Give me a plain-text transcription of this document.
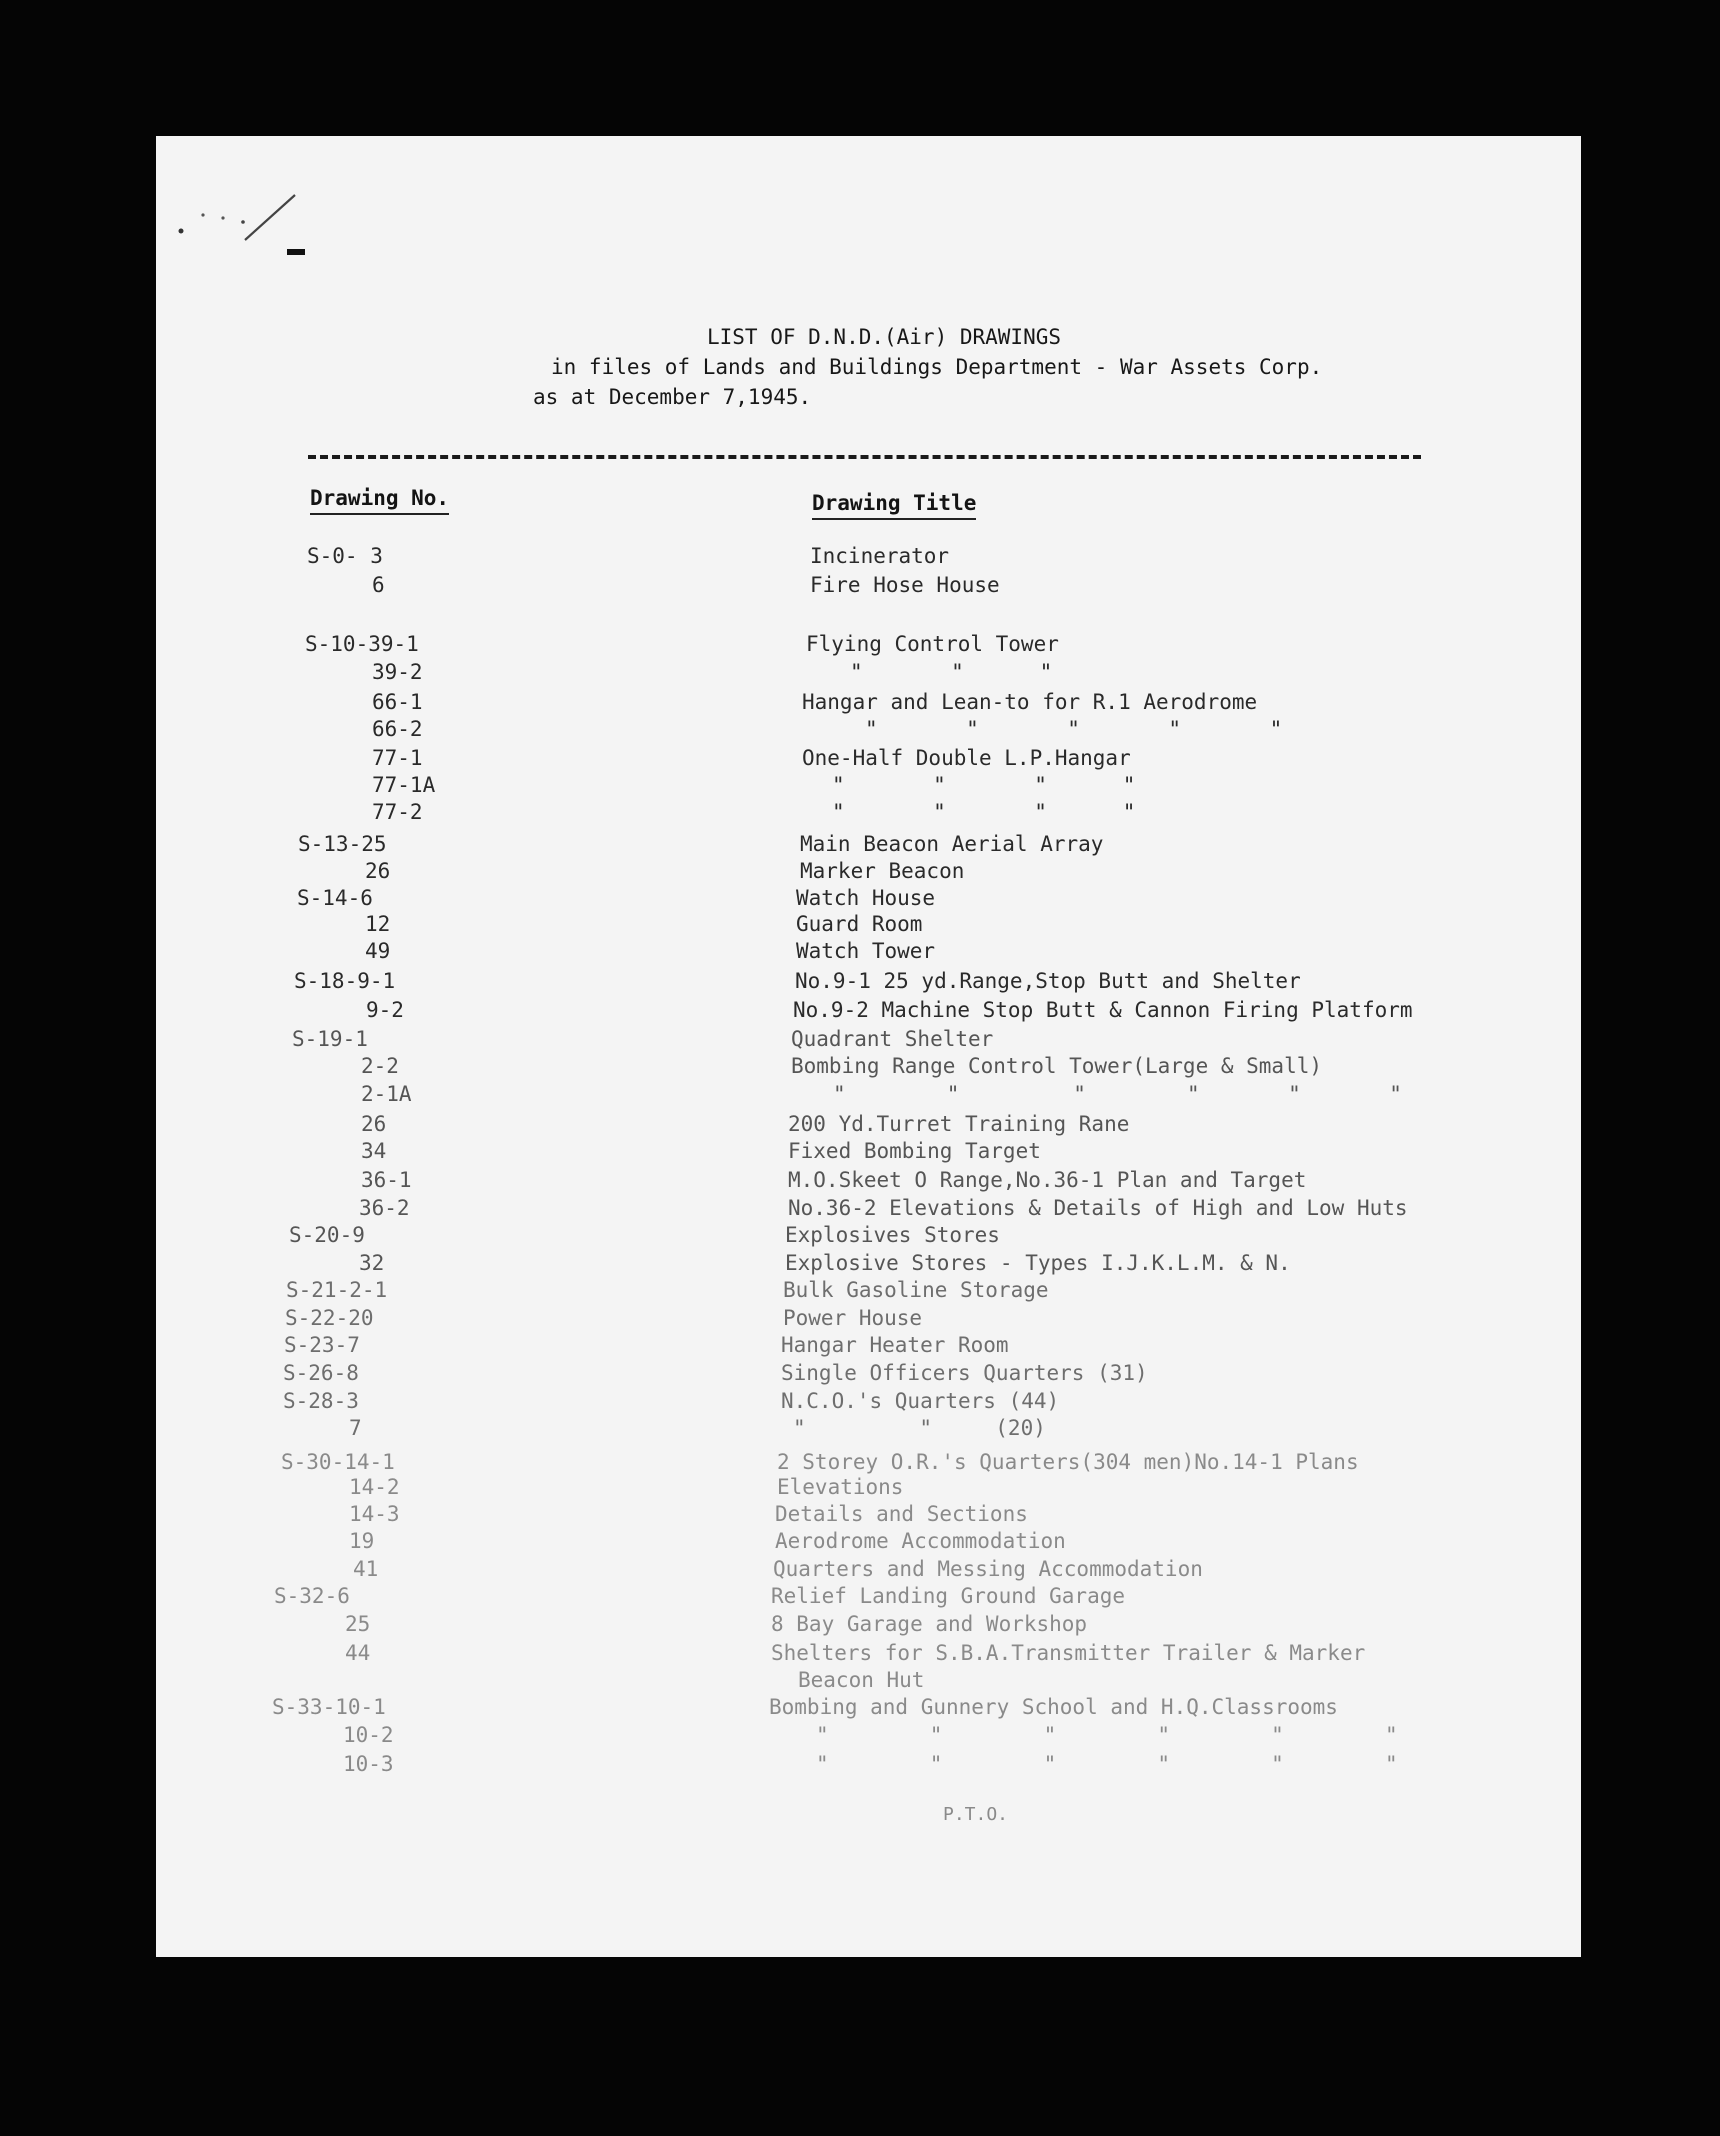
LIST OF D.N.D.(Air) DRAWINGS
in files of Lands and Buildings Department - War Assets Corp.
as at December 7,1945.
Drawing No.	Drawing Title
S-0- 3	Incinerator
6	Fire Hose House
S-10-39-1	Flying Control Tower
39-2	"       "      "
66-1	Hangar and Lean-to for R.1 Aerodrome
66-2	"       "       "       "       "
77-1	One-Half Double L.P.Hangar
77-1A	"       "       "      "
77-2	"       "       "      "
S-13-25	Main Beacon Aerial Array
26	Marker Beacon
S-14-6	Watch House
12	Guard Room
49	Watch Tower
S-18-9-1	No.9-1 25 yd.Range,Stop Butt and Shelter
9-2	No.9-2 Machine Stop Butt & Cannon Firing Platform
S-19-1	Quadrant Shelter
2-2	Bombing Range Control Tower(Large & Small)
2-1A	"        "         "        "       "       "
26	200 Yd.Turret Training Rane
34	Fixed Bombing Target
36-1	M.O.Skeet O Range,No.36-1 Plan and Target
36-2	No.36-2 Elevations & Details of High and Low Huts
S-20-9	Explosives Stores
32	Explosive Stores - Types I.J.K.L.M. & N.
S-21-2-1	Bulk Gasoline Storage
S-22-20	Power House
S-23-7	Hangar Heater Room
S-26-8	Single Officers Quarters (31)
S-28-3	N.C.O.'s Quarters (44)
7	"         "     (20)
S-30-14-1	2 Storey O.R.'s Quarters(304 men)No.14-1 Plans
14-2	Elevations
14-3	Details and Sections
19	Aerodrome Accommodation
41	Quarters and Messing Accommodation
S-32-6	Relief Landing Ground Garage
25	8 Bay Garage and Workshop
44	Shelters for S.B.A.Transmitter Trailer & Marker
Beacon Hut
S-33-10-1	Bombing and Gunnery School and H.Q.Classrooms
10-2	"        "        "        "        "        "
10-3	"        "        "        "        "        "
P.T.O.
